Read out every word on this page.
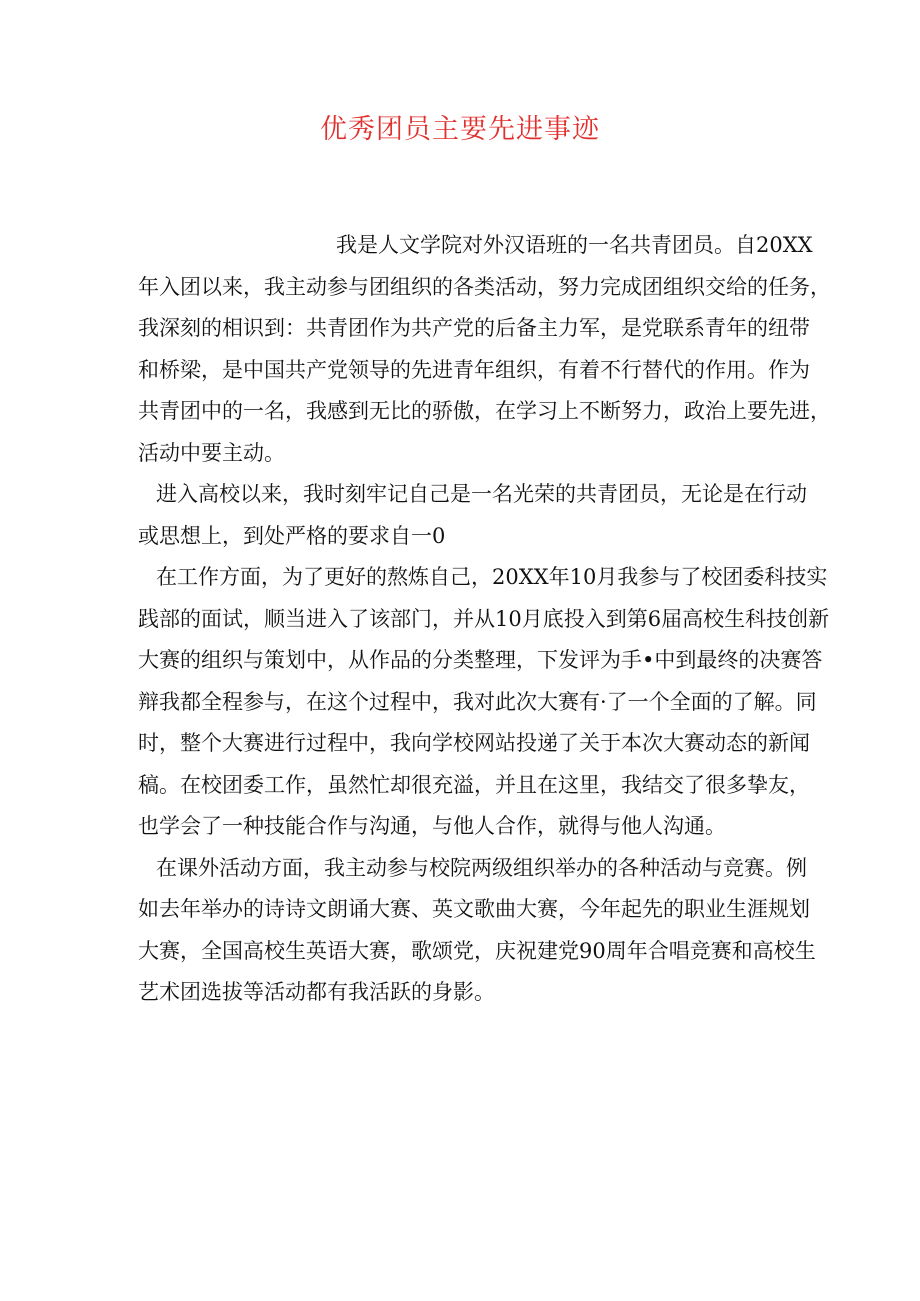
优秀团员主要先进事迹
我是人文学院对外汉语班的一名共青团员。自20XX
年入团以来，我主动参与团组织的各类活动，努力完成团组织交给的任务，
我深刻的相识到：共青团作为共产党的后备主力军，是党联系青年的纽带
和桥梁，是中国共产党领导的先进青年组织，有着不行替代的作用。作为
共青团中的一名，我感到无比的骄傲，在学习上不断努力，政治上要先进，
活动中要主动。
进入高校以来，我时刻牢记自己是一名光荣的共青团员，无论是在行动
或思想上，到处严格的要求自一0
在工作方面，为了更好的熬炼自己，20XX年10月我参与了校团委科技实
践部的面试，顺当进入了该部门，并从10月底投入到第6届高校生科技创新
大赛的组织与策划中，从作品的分类整理，下发评为手•中到最终的决赛答
辩我都全程参与，在这个过程中，我对此次大赛有·了一个全面的了解。同
时，整个大赛进行过程中，我向学校网站投递了关于本次大赛动态的新闻
稿。在校团委工作，虽然忙却很充溢，并且在这里，我结交了很多挚友，
也学会了一种技能合作与沟通，与他人合作，就得与他人沟通。
在课外活动方面，我主动参与校院两级组织举办的各种活动与竞赛。例
如去年举办的诗诗文朗诵大赛、英文歌曲大赛，今年起先的职业生涯规划
大赛，全国高校生英语大赛，歌颂党，庆祝建党90周年合唱竞赛和高校生
艺术团选拔等活动都有我活跃的身影。
